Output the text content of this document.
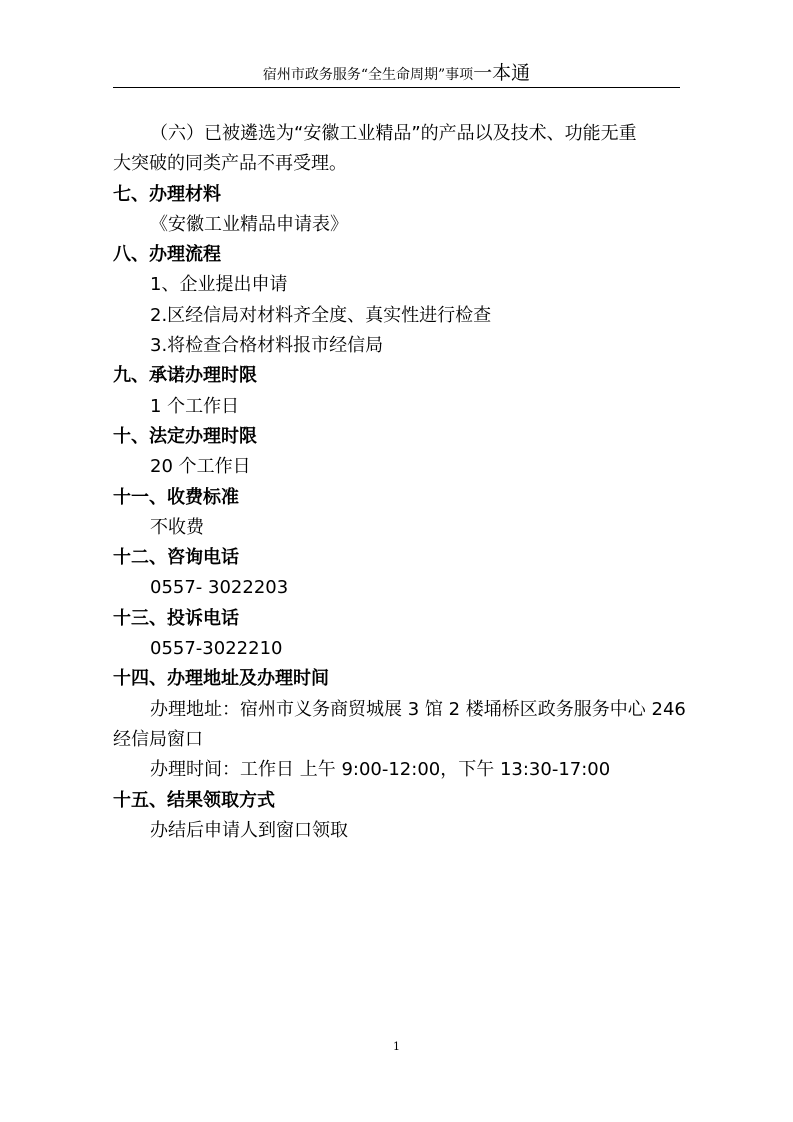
宿州市政务服务“全生命周期”事项一本通

（六）已被遴选为“安徽工业精品”的产品以及技术、功能无重

大突破的同类产品不再受理。

七、办理材料

《安徽工业精品申请表》

八、办理流程

1、企业提出申请

2.区经信局对材料齐全度、真实性进行检查

3.将检查合格材料报市经信局

九、承诺办理时限

1 个工作日

十、法定办理时限

20 个工作日

十一、收费标准

不收费

十二、咨询电话

0557- 3022203

十三、投诉电话

0557-3022210

十四、办理地址及办理时间

办理地址：宿州市义务商贸城展 3 馆 2 楼埇桥区政务服务中心 246

经信局窗口

办理时间：工作日 上午 9:00-12:00，下午 13:30-17:00

十五、结果领取方式

办结后申请人到窗口领取

1
